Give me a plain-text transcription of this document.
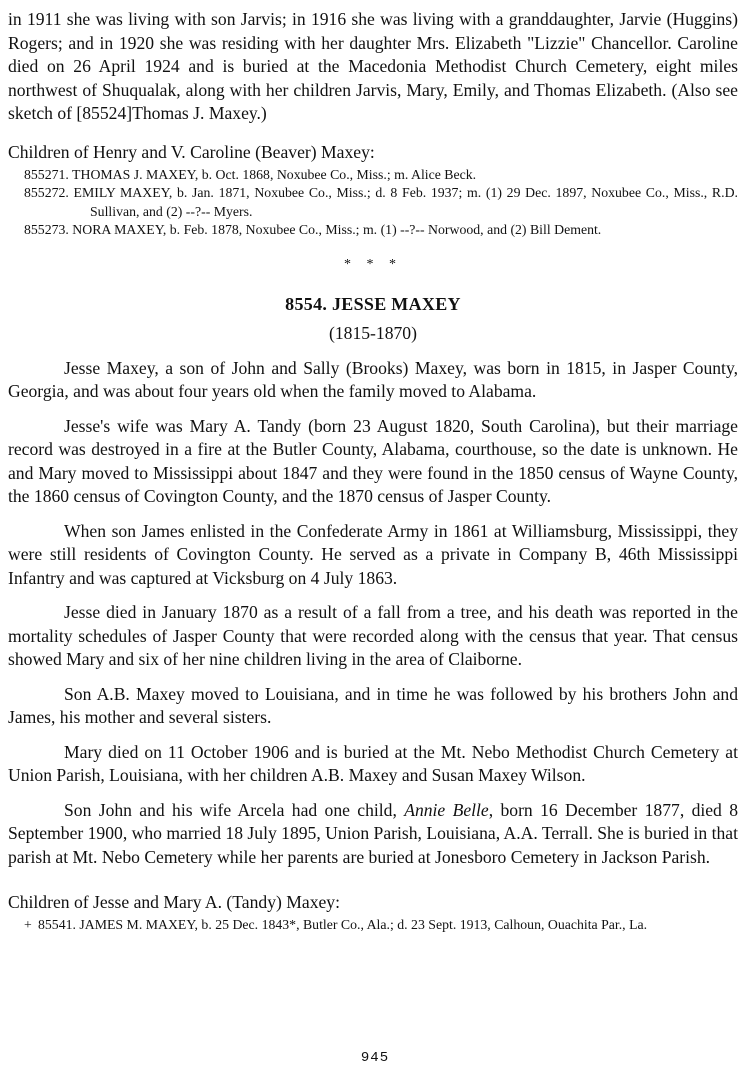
in 1911 she was living with son Jarvis; in 1916 she was living with a granddaughter, Jarvie (Huggins) Rogers; and in 1920 she was residing with her daughter Mrs. Elizabeth "Lizzie" Chancellor. Caroline died on 26 April 1924 and is buried at the Macedonia Methodist Church Cemetery, eight miles northwest of Shuqualak, along with her children Jarvis, Mary, Emily, and Thomas Elizabeth. (Also see sketch of [85524]Thomas J. Maxey.)

Children of Henry and V. Caroline (Beaver) Maxey:

855271. THOMAS J. MAXEY, b. Oct. 1868, Noxubee Co., Miss.; m. Alice Beck.
855272. EMILY MAXEY, b. Jan. 1871, Noxubee Co., Miss.; d. 8 Feb. 1937; m. (1) 29 Dec. 1897, Noxubee Co., Miss., R.D. Sullivan, and (2) --?-- Myers.
855273. NORA MAXEY, b. Feb. 1878, Noxubee Co., Miss.; m. (1) --?-- Norwood, and (2) Bill Dement.
* * *
8554. JESSE MAXEY
(1815-1870)

Jesse Maxey, a son of John and Sally (Brooks) Maxey, was born in 1815, in Jasper County, Georgia, and was about four years old when the family moved to Alabama.

Jesse's wife was Mary A. Tandy (born 23 August 1820, South Carolina), but their marriage record was destroyed in a fire at the Butler County, Alabama, courthouse, so the date is unknown. He and Mary moved to Mississippi about 1847 and they were found in the 1850 census of Wayne County, the 1860 census of Covington County, and the 1870 census of Jasper County.

When son James enlisted in the Confederate Army in 1861 at Williamsburg, Mississippi, they were still residents of Covington County. He served as a private in Company B, 46th Mississippi Infantry and was captured at Vicksburg on 4 July 1863.

Jesse died in January 1870 as a result of a fall from a tree, and his death was reported in the mortality schedules of Jasper County that were recorded along with the census that year. That census showed Mary and six of her nine children living in the area of Claiborne.

Son A.B. Maxey moved to Louisiana, and in time he was followed by his brothers John and James, his mother and several sisters.

Mary died on 11 October 1906 and is buried at the Mt. Nebo Methodist Church Cemetery at Union Parish, Louisiana, with her children A.B. Maxey and Susan Maxey Wilson.

Son John and his wife Arcela had one child, Annie Belle, born 16 December 1877, died 8 September 1900, who married 18 July 1895, Union Parish, Louisiana, A.A. Terrall. She is buried in that parish at Mt. Nebo Cemetery while her parents are buried at Jonesboro Cemetery in Jackson Parish.

Children of Jesse and Mary A. (Tandy) Maxey:

+ 85541. JAMES M. MAXEY, b. 25 Dec. 1843*, Butler Co., Ala.; d. 23 Sept. 1913, Calhoun, Ouachita Par., La.
945
